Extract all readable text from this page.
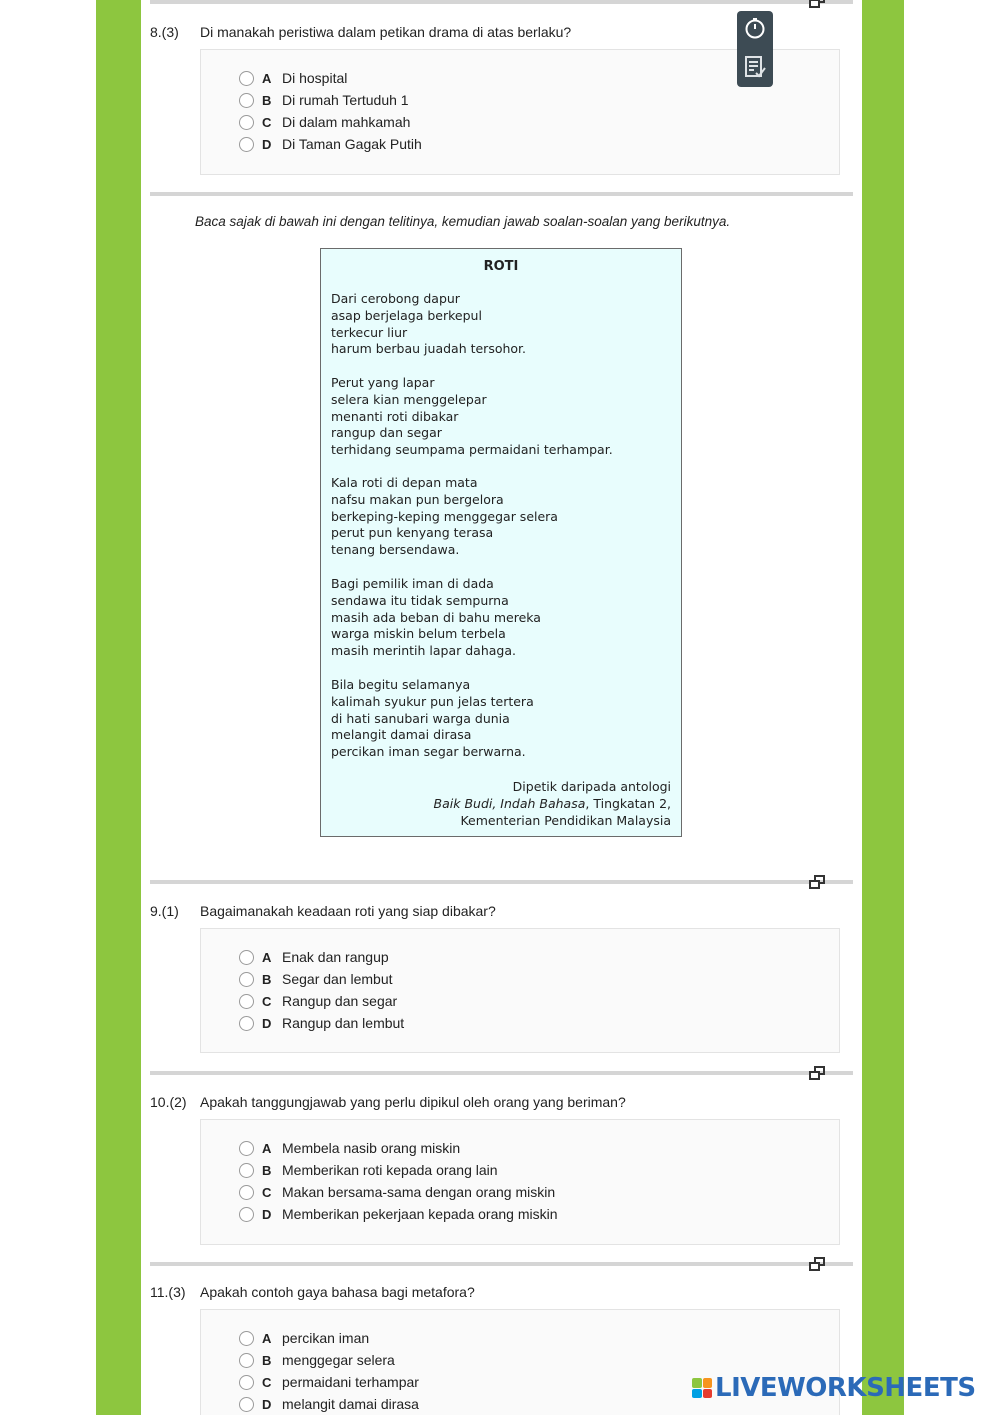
8.(3)	Di manakah peristiwa dalam petikan drama di atas berlaku?
A Di hospital
B Di rumah Tertuduh 1
C Di dalam mahkamah
D Di Taman Gagak Putih
Baca sajak di bawah ini dengan telitinya, kemudian jawab soalan-soalan yang berikutnya.
ROTI
Dari cerobong dapur
asap berjelaga berkepul
terkecur liur
harum berbau juadah tersohor.
Perut yang lapar
selera kian menggelepar
menanti roti dibakar
rangup dan segar
terhidang seumpama permaidani terhampar.
Kala roti di depan mata
nafsu makan pun bergelora
berkeping-keping menggegar selera
perut pun kenyang terasa
tenang bersendawa.
Bagi pemilik iman di dada
sendawa itu tidak sempurna
masih ada beban di bahu mereka
warga miskin belum terbela
masih merintih lapar dahaga.
Bila begitu selamanya
kalimah syukur pun jelas tertera
di hati sanubari warga dunia
melangit damai dirasa
percikan iman segar berwarna.
Dipetik daripada antologi
Baik Budi, Indah Bahasa, Tingkatan 2,
Kementerian Pendidikan Malaysia
9.(1)	Bagaimanakah keadaan roti yang siap dibakar?
A Enak dan rangup
B Segar dan lembut
C Rangup dan segar
D Rangup dan lembut
10.(2) Apakah tanggungjawab yang perlu dipikul oleh orang yang beriman?
A Membela nasib orang miskin
B Memberikan roti kepada orang lain
C Makan bersama-sama dengan orang miskin
D Memberikan pekerjaan kepada orang miskin
11.(3)	Apakah contoh gaya bahasa bagi metafora?
A percikan iman
B menggegar selera
C permaidani terhampar
D melangit damai dirasa
LIVEWORKSHEETS
